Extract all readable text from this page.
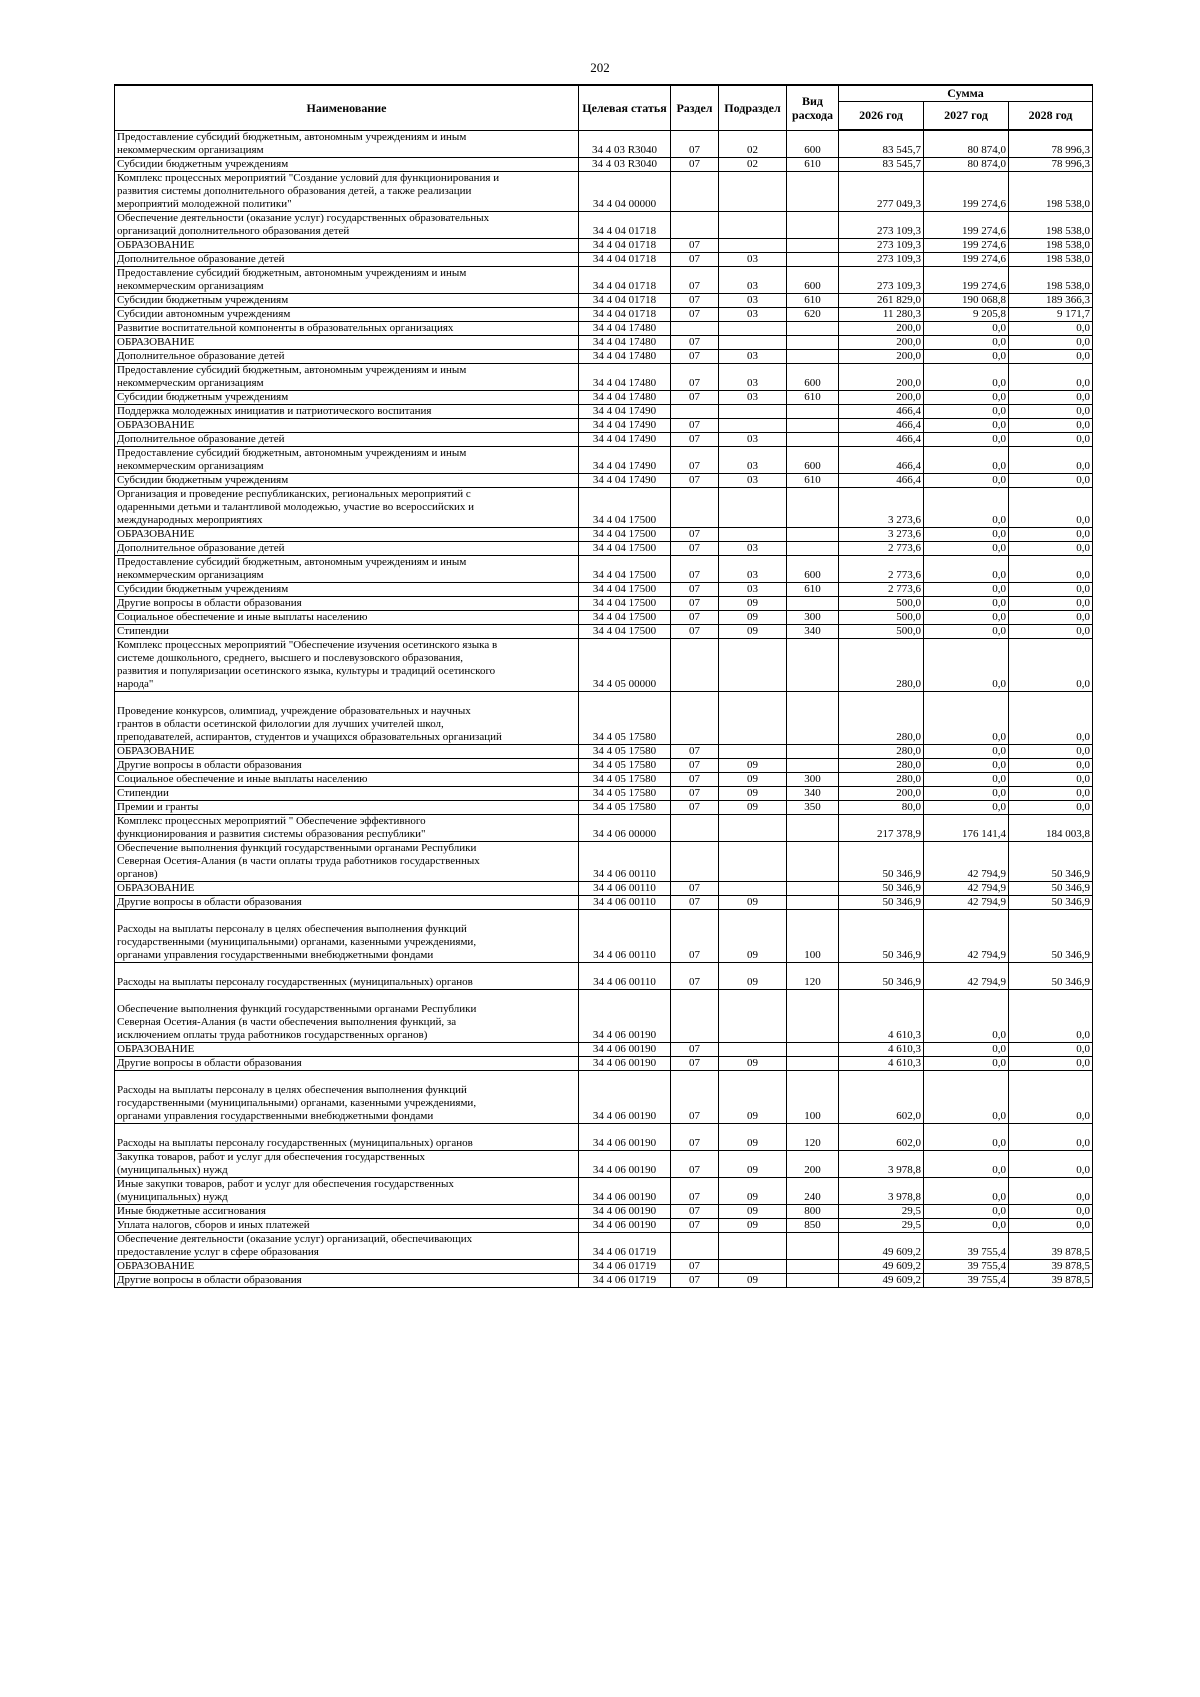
202
Наименование	Целевая статья	Раздел	Подраздел	Вид расхода	Сумма		
					2026 год	2027 год	2028 год
Предоставление субсидий бюджетным, автономным учреждениям и иным
некоммерческим организациям	34 4 03 R3040	07	02	600	83 545,7	80 874,0	78 996,3
Субсидии бюджетным учреждениям	34 4 03 R3040	07	02	610	83 545,7	80 874,0	78 996,3
Комплекс процессных мероприятий "Создание условий для функционирования и
развития системы дополнительного образования детей, а также реализации
мероприятий молодежной политики"	34 4 04 00000				277 049,3	199 274,6	198 538,0
Обеспечение деятельности (оказание услуг) государственных образовательных
организаций дополнительного образования детей	34 4 04 01718				273 109,3	199 274,6	198 538,0
ОБРАЗОВАНИЕ	34 4 04 01718	07			273 109,3	199 274,6	198 538,0
Дополнительное образование детей	34 4 04 01718	07	03		273 109,3	199 274,6	198 538,0
Предоставление субсидий бюджетным, автономным учреждениям и иным
некоммерческим организациям	34 4 04 01718	07	03	600	273 109,3	199 274,6	198 538,0
Субсидии бюджетным учреждениям	34 4 04 01718	07	03	610	261 829,0	190 068,8	189 366,3
Субсидии автономным учреждениям	34 4 04 01718	07	03	620	11 280,3	9 205,8	9 171,7
Развитие воспитательной компоненты в образовательных организациях	34 4 04 17480				200,0	0,0	0,0
ОБРАЗОВАНИЕ	34 4 04 17480	07			200,0	0,0	0,0
Дополнительное образование детей	34 4 04 17480	07	03		200,0	0,0	0,0
Предоставление субсидий бюджетным, автономным учреждениям и иным
некоммерческим организациям	34 4 04 17480	07	03	600	200,0	0,0	0,0
Субсидии бюджетным учреждениям	34 4 04 17480	07	03	610	200,0	0,0	0,0
Поддержка молодежных инициатив и патриотического воспитания	34 4 04 17490				466,4	0,0	0,0
ОБРАЗОВАНИЕ	34 4 04 17490	07			466,4	0,0	0,0
Дополнительное образование детей	34 4 04 17490	07	03		466,4	0,0	0,0
Предоставление субсидий бюджетным, автономным учреждениям и иным
некоммерческим организациям	34 4 04 17490	07	03	600	466,4	0,0	0,0
Субсидии бюджетным учреждениям	34 4 04 17490	07	03	610	466,4	0,0	0,0
Организация и проведение республиканских, региональных мероприятий с
одаренными детьми и талантливой молодежью, участие во всероссийских и
международных мероприятиях	34 4 04 17500				3 273,6	0,0	0,0
ОБРАЗОВАНИЕ	34 4 04 17500	07			3 273,6	0,0	0,0
Дополнительное образование детей	34 4 04 17500	07	03		2 773,6	0,0	0,0
Предоставление субсидий бюджетным, автономным учреждениям и иным
некоммерческим организациям	34 4 04 17500	07	03	600	2 773,6	0,0	0,0
Субсидии бюджетным учреждениям	34 4 04 17500	07	03	610	2 773,6	0,0	0,0
Другие вопросы в области образования	34 4 04 17500	07	09		500,0	0,0	0,0
Социальное обеспечение и иные выплаты населению	34 4 04 17500	07	09	300	500,0	0,0	0,0
Стипендии	34 4 04 17500	07	09	340	500,0	0,0	0,0
Комплекс процессных мероприятий "Обеспечение изучения осетинского языка в
системе дошкольного, среднего, высшего и послевузовского образования,
развития и популяризации осетинского языка, культуры и традиций осетинского
народа"	34 4 05 00000				280,0	0,0	0,0

Проведение конкурсов, олимпиад, учреждение образовательных и научных
грантов в области осетинской филологии для лучших учителей школ,
преподавателей, аспирантов, студентов и учащихся образовательных организаций	34 4 05 17580				280,0	0,0	0,0
ОБРАЗОВАНИЕ	34 4 05 17580	07			280,0	0,0	0,0
Другие вопросы в области образования	34 4 05 17580	07	09		280,0	0,0	0,0
Социальное обеспечение и иные выплаты населению	34 4 05 17580	07	09	300	280,0	0,0	0,0
Стипендии	34 4 05 17580	07	09	340	200,0	0,0	0,0
Премии и гранты	34 4 05 17580	07	09	350	80,0	0,0	0,0
Комплекс процессных мероприятий " Обеспечение эффективного
функционирования и развития системы образования республики"	34 4 06 00000				217 378,9	176 141,4	184 003,8
Обеспечение выполнения функций государственными органами Республики
Северная Осетия-Алания (в части оплаты труда работников государственных
органов)	34 4 06 00110				50 346,9	42 794,9	50 346,9
ОБРАЗОВАНИЕ	34 4 06 00110	07			50 346,9	42 794,9	50 346,9
Другие вопросы в области образования	34 4 06 00110	07	09		50 346,9	42 794,9	50 346,9

Расходы на выплаты персоналу в целях обеспечения выполнения функций
государственными (муниципальными) органами, казенными учреждениями,
органами управления государственными внебюджетными фондами	34 4 06 00110	07	09	100	50 346,9	42 794,9	50 346,9

Расходы на выплаты персоналу государственных (муниципальных) органов	34 4 06 00110	07	09	120	50 346,9	42 794,9	50 346,9

Обеспечение выполнения функций государственными органами Республики
Северная Осетия-Алания (в части обеспечения выполнения функций, за
исключением оплаты труда работников государственных органов)	34 4 06 00190				4 610,3	0,0	0,0
ОБРАЗОВАНИЕ	34 4 06 00190	07			4 610,3	0,0	0,0
Другие вопросы в области образования	34 4 06 00190	07	09		4 610,3	0,0	0,0

Расходы на выплаты персоналу в целях обеспечения выполнения функций
государственными (муниципальными) органами, казенными учреждениями,
органами управления государственными внебюджетными фондами	34 4 06 00190	07	09	100	602,0	0,0	0,0

Расходы на выплаты персоналу государственных (муниципальных) органов	34 4 06 00190	07	09	120	602,0	0,0	0,0
Закупка товаров, работ и услуг для обеспечения государственных
(муниципальных) нужд	34 4 06 00190	07	09	200	3 978,8	0,0	0,0
Иные закупки товаров, работ и услуг для обеспечения государственных
(муниципальных) нужд	34 4 06 00190	07	09	240	3 978,8	0,0	0,0
Иные бюджетные ассигнования	34 4 06 00190	07	09	800	29,5	0,0	0,0
Уплата налогов, сборов и иных платежей	34 4 06 00190	07	09	850	29,5	0,0	0,0
Обеспечение деятельности (оказание услуг) организаций, обеспечивающих
предоставление услуг в сфере образования	34 4 06 01719				49 609,2	39 755,4	39 878,5
ОБРАЗОВАНИЕ	34 4 06 01719	07			49 609,2	39 755,4	39 878,5
Другие вопросы в области образования	34 4 06 01719	07	09		49 609,2	39 755,4	39 878,5
